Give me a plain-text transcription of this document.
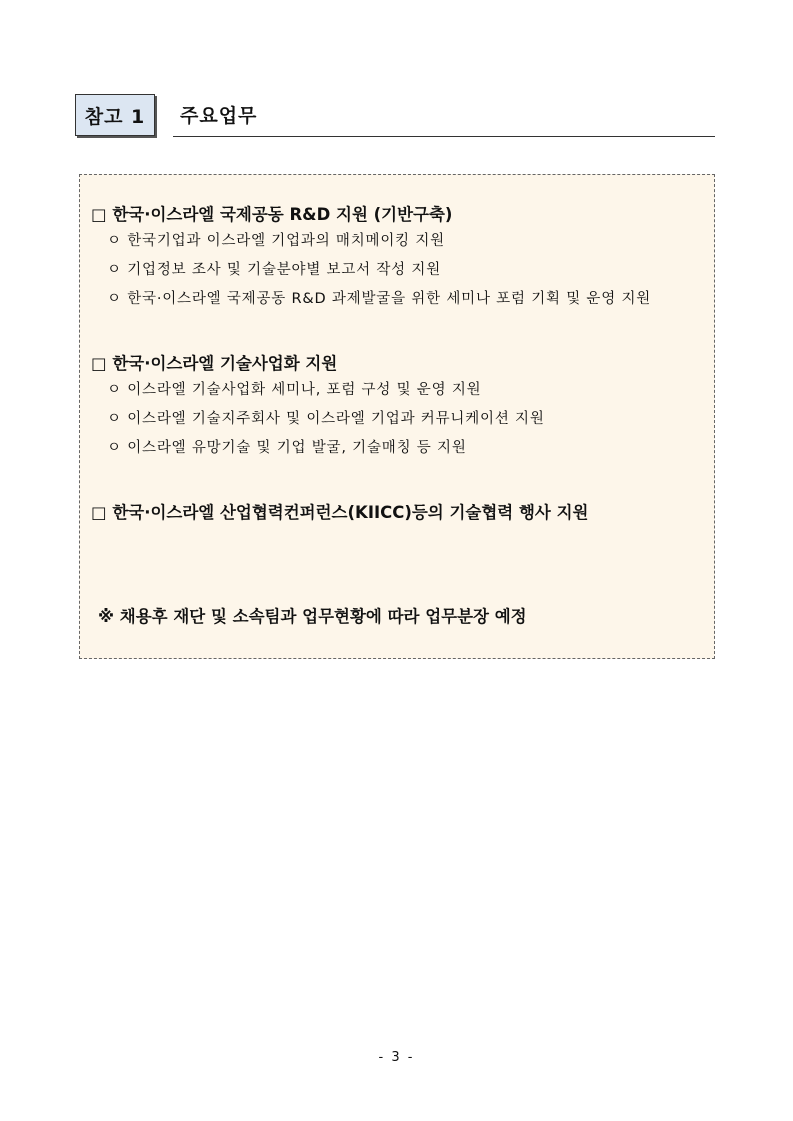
참고 1	주요업무
□ 한국·이스라엘 국제공동 R&D 지원 (기반구축)
ㅇ 한국기업과 이스라엘 기업과의 매치메이킹 지원
ㅇ 기업정보 조사 및 기술분야별 보고서 작성 지원
ㅇ 한국·이스라엘 국제공동 R&D 과제발굴을 위한 세미나 포럼 기획 및 운영 지원
□ 한국·이스라엘 기술사업화 지원
ㅇ 이스라엘 기술사업화 세미나, 포럼 구성 및 운영 지원
ㅇ 이스라엘 기술지주회사 및 이스라엘 기업과 커뮤니케이션 지원
ㅇ 이스라엘 유망기술 및 기업 발굴, 기술매칭 등 지원
□ 한국·이스라엘 산업협력컨퍼런스(KIICC)등의 기술협력 행사 지원
※ 채용후 재단 및 소속팀과 업무현황에 따라 업무분장 예정
- 3 -
